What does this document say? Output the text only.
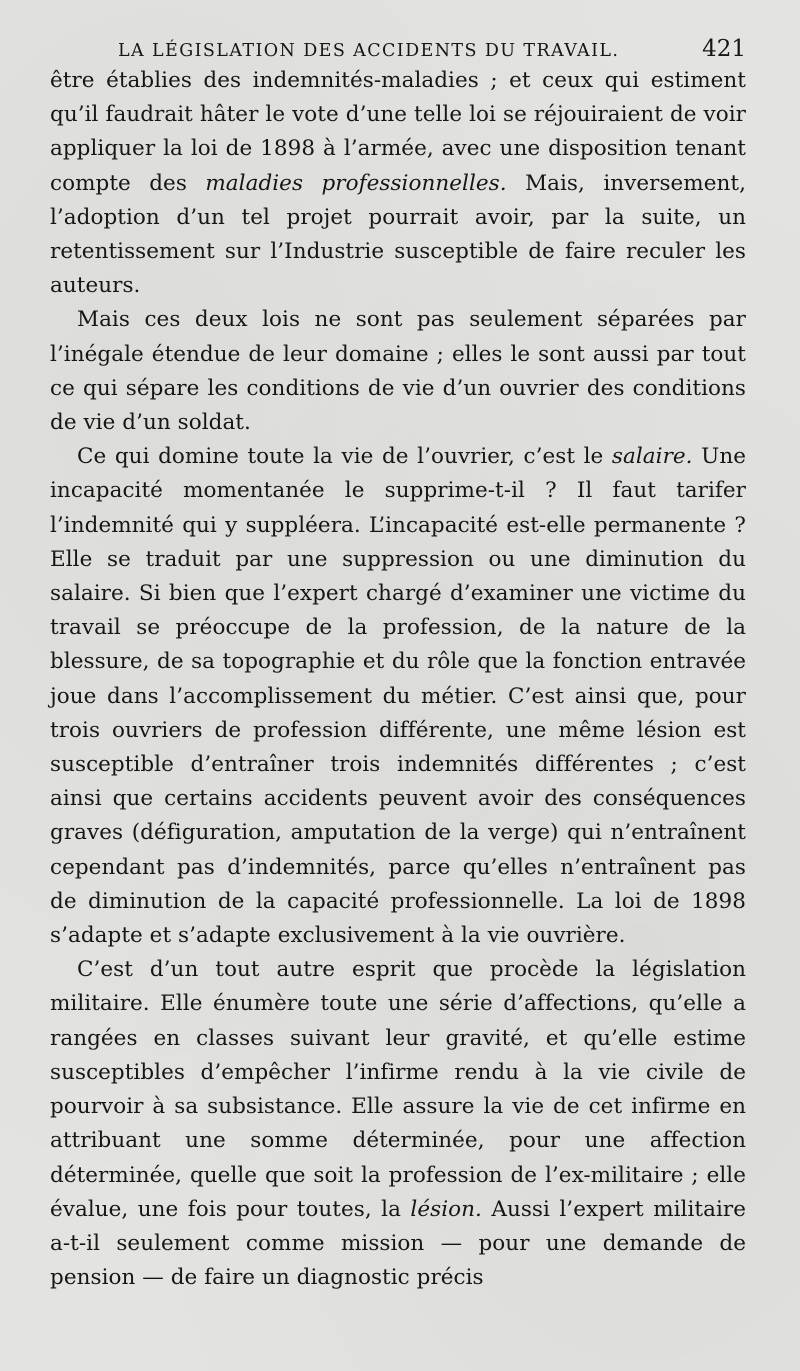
LA LÉGISLATION DES ACCIDENTS DU TRAVAIL.	421

être établies des indemnités-maladies ; et ceux qui estiment qu’il faudrait hâter le vote d’une telle loi se réjouiraient de voir appliquer la loi de 1898 à l’armée, avec une disposition tenant compte des maladies professionnelles. Mais, inversement, l’adoption d’un tel projet pourrait avoir, par la suite, un retentissement sur l’Industrie susceptible de faire reculer les auteurs.

Mais ces deux lois ne sont pas seulement séparées par l’inégale étendue de leur domaine ; elles le sont aussi par tout ce qui sépare les conditions de vie d’un ouvrier des conditions de vie d’un soldat.

Ce qui domine toute la vie de l’ouvrier, c’est le salaire. Une incapacité momentanée le supprime-t-il ? Il faut tarifer l’indemnité qui y suppléera. L’incapacité est-elle permanente ? Elle se traduit par une suppression ou une diminution du salaire. Si bien que l’expert chargé d’examiner une victime du travail se préoccupe de la profession, de la nature de la blessure, de sa topographie et du rôle que la fonction entravée joue dans l’accomplissement du métier. C’est ainsi que, pour trois ouvriers de profession différente, une même lésion est susceptible d’entraîner trois indemnités différentes ; c’est ainsi que certains accidents peuvent avoir des conséquences graves (défiguration, amputation de la verge) qui n’entraînent cependant pas d’indemnités, parce qu’elles n’entraînent pas de diminution de la capacité professionnelle. La loi de 1898 s’adapte et s’adapte exclusivement à la vie ouvrière.

C’est d’un tout autre esprit que procède la législation militaire. Elle énumère toute une série d’affections, qu’elle a rangées en classes suivant leur gravité, et qu’elle estime susceptibles d’empêcher l’infirme rendu à la vie civile de pourvoir à sa subsistance. Elle assure la vie de cet infirme en attribuant une somme déterminée, pour une affection déterminée, quelle que soit la profession de l’ex-militaire ; elle évalue, une fois pour toutes, la lésion. Aussi l’expert militaire a-t-il seulement comme mission — pour une demande de pension — de faire un diagnostic précis
